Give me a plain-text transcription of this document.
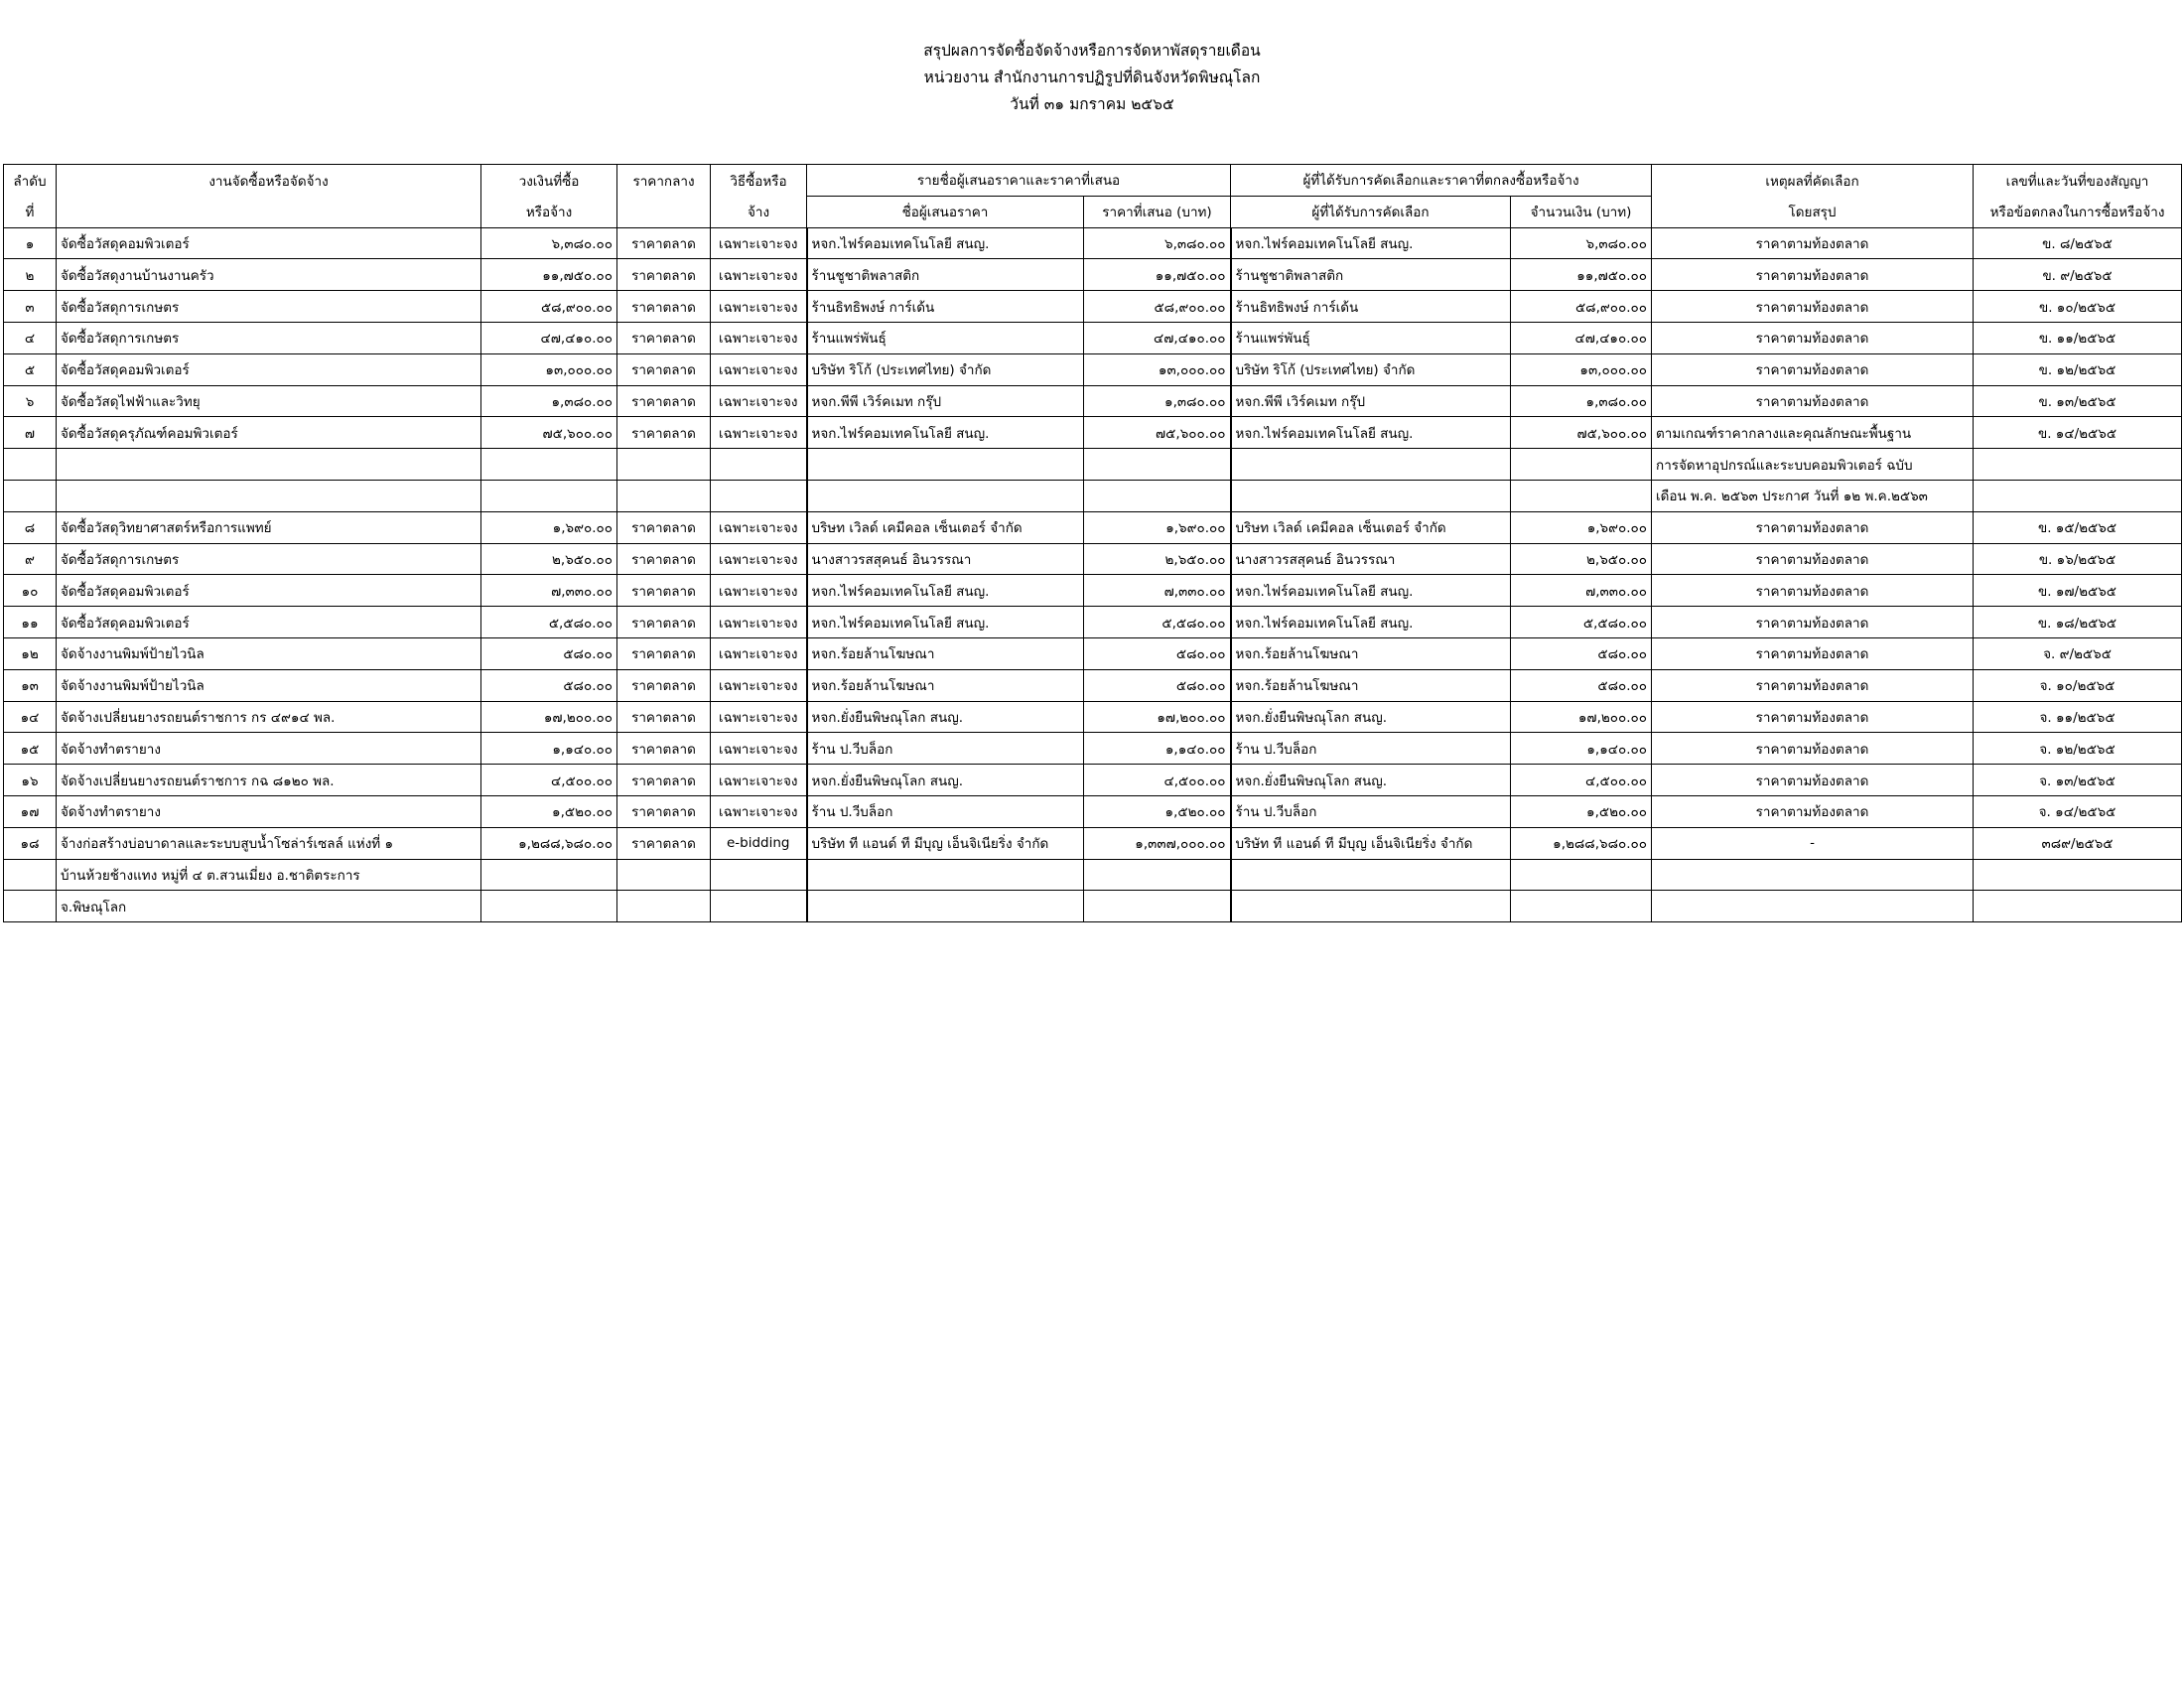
สรุปผลการจัดซื้อจัดจ้างหรือการจัดหาพัสดุรายเดือน
หน่วยงาน สำนักงานการปฏิรูปที่ดินจังหวัดพิษณุโลก
วันที่ ๓๑ มกราคม ๒๕๖๕
ลำดับ	งานจัดซื้อหรือจัดจ้าง	วงเงินที่ซื้อ	ราคากลาง	วิธีซื้อหรือ	รายชื่อผู้เสนอราคาและราคาที่เสนอ		ผู้ที่ได้รับการคัดเลือกและราคาที่ตกลงซื้อหรือจ้าง		เหตุผลที่คัดเลือก	เลขที่และวันที่ของสัญญา
ที่		หรือจ้าง		จ้าง	ชื่อผู้เสนอราคา	ราคาที่เสนอ (บาท)	ผู้ที่ได้รับการคัดเลือก	จำนวนเงิน (บาท)	โดยสรุป	หรือข้อตกลงในการซื้อหรือจ้าง
๑	จัดซื้อวัสดุคอมพิวเตอร์	๖,๓๘๐.๐๐	ราคาตลาด	เฉพาะเจาะจง	หจก.ไฟร์คอมเทคโนโลยี สนญ.	๖,๓๘๐.๐๐	หจก.ไฟร์คอมเทคโนโลยี สนญ.	๖,๓๘๐.๐๐	ราคาตามท้องตลาด	ข. ๘/๒๕๖๕
๒	จัดซื้อวัสดุงานบ้านงานครัว	๑๑,๗๕๐.๐๐	ราคาตลาด	เฉพาะเจาะจง	ร้านชูชาติพลาสติก	๑๑,๗๕๐.๐๐	ร้านชูชาติพลาสติก	๑๑,๗๕๐.๐๐	ราคาตามท้องตลาด	ข. ๙/๒๕๖๕
๓	จัดซื้อวัสดุการเกษตร	๕๘,๙๐๐.๐๐	ราคาตลาด	เฉพาะเจาะจง	ร้านธิทธิพงษ์ การ์เด้น	๕๘,๙๐๐.๐๐	ร้านธิทธิพงษ์ การ์เด้น	๕๘,๙๐๐.๐๐	ราคาตามท้องตลาด	ข. ๑๐/๒๕๖๕
๔	จัดซื้อวัสดุการเกษตร	๔๗,๔๑๐.๐๐	ราคาตลาด	เฉพาะเจาะจง	ร้านแพร่พันธุ์	๔๗,๔๑๐.๐๐	ร้านแพร่พันธุ์	๔๗,๔๑๐.๐๐	ราคาตามท้องตลาด	ข. ๑๑/๒๕๖๕
๕	จัดซื้อวัสดุคอมพิวเตอร์	๑๓,๐๐๐.๐๐	ราคาตลาด	เฉพาะเจาะจง	บริษัท ริโก้ (ประเทศไทย) จำกัด	๑๓,๐๐๐.๐๐	บริษัท ริโก้ (ประเทศไทย) จำกัด	๑๓,๐๐๐.๐๐	ราคาตามท้องตลาด	ข. ๑๒/๒๕๖๕
๖	จัดซื้อวัสดุไฟฟ้าและวิทยุ	๑,๓๘๐.๐๐	ราคาตลาด	เฉพาะเจาะจง	หจก.พีพี เวิร์คเมท กรุ๊ป	๑,๓๘๐.๐๐	หจก.พีพี เวิร์คเมท กรุ๊ป	๑,๓๘๐.๐๐	ราคาตามท้องตลาด	ข. ๑๓/๒๕๖๕
๗	จัดซื้อวัสดุครุภัณฑ์คอมพิวเตอร์	๗๕,๖๐๐.๐๐	ราคาตลาด	เฉพาะเจาะจง	หจก.ไฟร์คอมเทคโนโลยี สนญ.	๗๕,๖๐๐.๐๐	หจก.ไฟร์คอมเทคโนโลยี สนญ.	๗๕,๖๐๐.๐๐	ตามเกณฑ์ราคากลางและคุณลักษณะพื้นฐาน	ข. ๑๔/๒๕๖๕
									การจัดหาอุปกรณ์และระบบคอมพิวเตอร์ ฉบับ	
									เดือน พ.ค. ๒๕๖๓ ประกาศ วันที่ ๑๒ พ.ค.๒๕๖๓	
๘	จัดซื้อวัสดุวิทยาศาสตร์หรือการแพทย์	๑,๖๙๐.๐๐	ราคาตลาด	เฉพาะเจาะจง	บริษท เวิลด์ เคมีคอล เซ็นเตอร์ จำกัด	๑,๖๙๐.๐๐	บริษท เวิลด์ เคมีคอล เซ็นเตอร์ จำกัด	๑,๖๙๐.๐๐	ราคาตามท้องตลาด	ข. ๑๕/๒๕๖๕
๙	จัดซื้อวัสดุการเกษตร	๒,๖๕๐.๐๐	ราคาตลาด	เฉพาะเจาะจง	นางสาวรสสุคนธ์ อินวรรณา	๒,๖๕๐.๐๐	นางสาวรสสุคนธ์ อินวรรณา	๒,๖๕๐.๐๐	ราคาตามท้องตลาด	ข. ๑๖/๒๕๖๕
๑๐	จัดซื้อวัสดุคอมพิวเตอร์	๗,๓๓๐.๐๐	ราคาตลาด	เฉพาะเจาะจง	หจก.ไฟร์คอมเทคโนโลยี สนญ.	๗,๓๓๐.๐๐	หจก.ไฟร์คอมเทคโนโลยี สนญ.	๗,๓๓๐.๐๐	ราคาตามท้องตลาด	ข. ๑๗/๒๕๖๕
๑๑	จัดซื้อวัสดุคอมพิวเตอร์	๕,๕๘๐.๐๐	ราคาตลาด	เฉพาะเจาะจง	หจก.ไฟร์คอมเทคโนโลยี สนญ.	๕,๕๘๐.๐๐	หจก.ไฟร์คอมเทคโนโลยี สนญ.	๕,๕๘๐.๐๐	ราคาตามท้องตลาด	ข. ๑๘/๒๕๖๕
๑๒	จัดจ้างงานพิมพ์ป้ายไวนิล	๕๘๐.๐๐	ราคาตลาด	เฉพาะเจาะจง	หจก.ร้อยล้านโฆษณา	๕๘๐.๐๐	หจก.ร้อยล้านโฆษณา	๕๘๐.๐๐	ราคาตามท้องตลาด	จ. ๙/๒๕๖๕
๑๓	จัดจ้างงานพิมพ์ป้ายไวนิล	๕๘๐.๐๐	ราคาตลาด	เฉพาะเจาะจง	หจก.ร้อยล้านโฆษณา	๕๘๐.๐๐	หจก.ร้อยล้านโฆษณา	๕๘๐.๐๐	ราคาตามท้องตลาด	จ. ๑๐/๒๕๖๕
๑๔	จัดจ้างเปลี่ยนยางรถยนต์ราชการ กร ๔๙๑๔ พล.	๑๗,๒๐๐.๐๐	ราคาตลาด	เฉพาะเจาะจง	หจก.ยั่งยืนพิษณุโลก สนญ.	๑๗,๒๐๐.๐๐	หจก.ยั่งยืนพิษณุโลก สนญ.	๑๗,๒๐๐.๐๐	ราคาตามท้องตลาด	จ. ๑๑/๒๕๖๕
๑๕	จัดจ้างทำตรายาง	๑,๑๔๐.๐๐	ราคาตลาด	เฉพาะเจาะจง	ร้าน ป.วีบล็อก	๑,๑๔๐.๐๐	ร้าน ป.วีบล็อก	๑,๑๔๐.๐๐	ราคาตามท้องตลาด	จ. ๑๒/๒๕๖๕
๑๖	จัดจ้างเปลี่ยนยางรถยนต์ราชการ กฉ ๘๑๒๐ พล.	๔,๕๐๐.๐๐	ราคาตลาด	เฉพาะเจาะจง	หจก.ยั่งยืนพิษณุโลก สนญ.	๔,๕๐๐.๐๐	หจก.ยั่งยืนพิษณุโลก สนญ.	๔,๕๐๐.๐๐	ราคาตามท้องตลาด	จ. ๑๓/๒๕๖๕
๑๗	จัดจ้างทำตรายาง	๑,๕๒๐.๐๐	ราคาตลาด	เฉพาะเจาะจง	ร้าน ป.วีบล็อก	๑,๕๒๐.๐๐	ร้าน ป.วีบล็อก	๑,๕๒๐.๐๐	ราคาตามท้องตลาด	จ. ๑๔/๒๕๖๕
๑๘	จ้างก่อสร้างบ่อบาดาลและระบบสูบน้ำโซล่าร์เซลล์ แห่งที่ ๑	๑,๒๘๘,๖๘๐.๐๐	ราคาตลาด	e-bidding	บริษัท ที แอนด์ ที มีบุญ เอ็นจิเนียริ่ง จำกัด	๑,๓๓๗,๐๐๐.๐๐	บริษัท ที แอนด์ ที มีบุญ เอ็นจิเนียริ่ง จำกัด	๑,๒๘๘,๖๘๐.๐๐	-	๓๘๙/๒๕๖๕
	บ้านห้วยช้างแทง หมู่ที่ ๔ ต.สวนเมี่ยง อ.ชาติตระการ									
	จ.พิษณุโลก									
